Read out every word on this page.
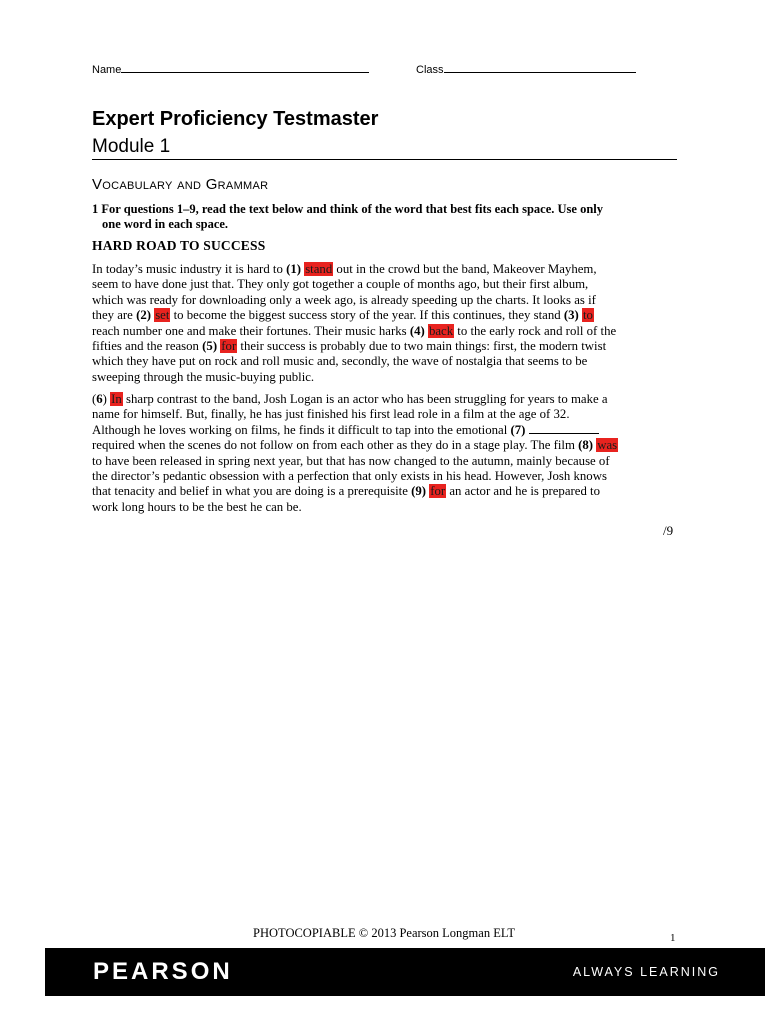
Name	Class
Expert Proficiency Testmaster
Module 1
Vocabulary and Grammar

1 For questions 1–9, read the text below and think of the word that best fits each space. Use only
one word in each space.

HARD ROAD TO SUCCESS
In today’s music industry it is hard to (1) stand out in the crowd but the band, Makeover Mayhem,
seem to have done just that. They only got together a couple of months ago, but their first album,
which was ready for downloading only a week ago, is already speeding up the charts. It looks as if
they are (2) set to become the biggest success story of the year. If this continues, they stand (3) to
reach number one and make their fortunes. Their music harks (4) back to the early rock and roll of the
fifties and the reason (5) for their success is probably due to two main things: first, the modern twist
which they have put on rock and roll music and, secondly, the wave of nostalgia that seems to be
sweeping through the music-buying public.
(6) In sharp contrast to the band, Josh Logan is an actor who has been struggling for years to make a
name for himself. But, finally, he has just finished his first lead role in a film at the age of 32.
Although he loves working on films, he finds it difficult to tap into the emotional (7)
required when the scenes do not follow on from each other as they do in a stage play. The film (8) was
to have been released in spring next year, but that has now changed to the autumn, mainly because of
the director’s pedantic obsession with a perfection that only exists in his head. However, Josh knows
that tenacity and belief in what you are doing is a prerequisite (9) for an actor and he is prepared to
work long hours to be the best he can be.
/9
PHOTOCOPIABLE © 2013 Pearson Longman ELT	1
PEARSON	ALWAYS LEARNING
